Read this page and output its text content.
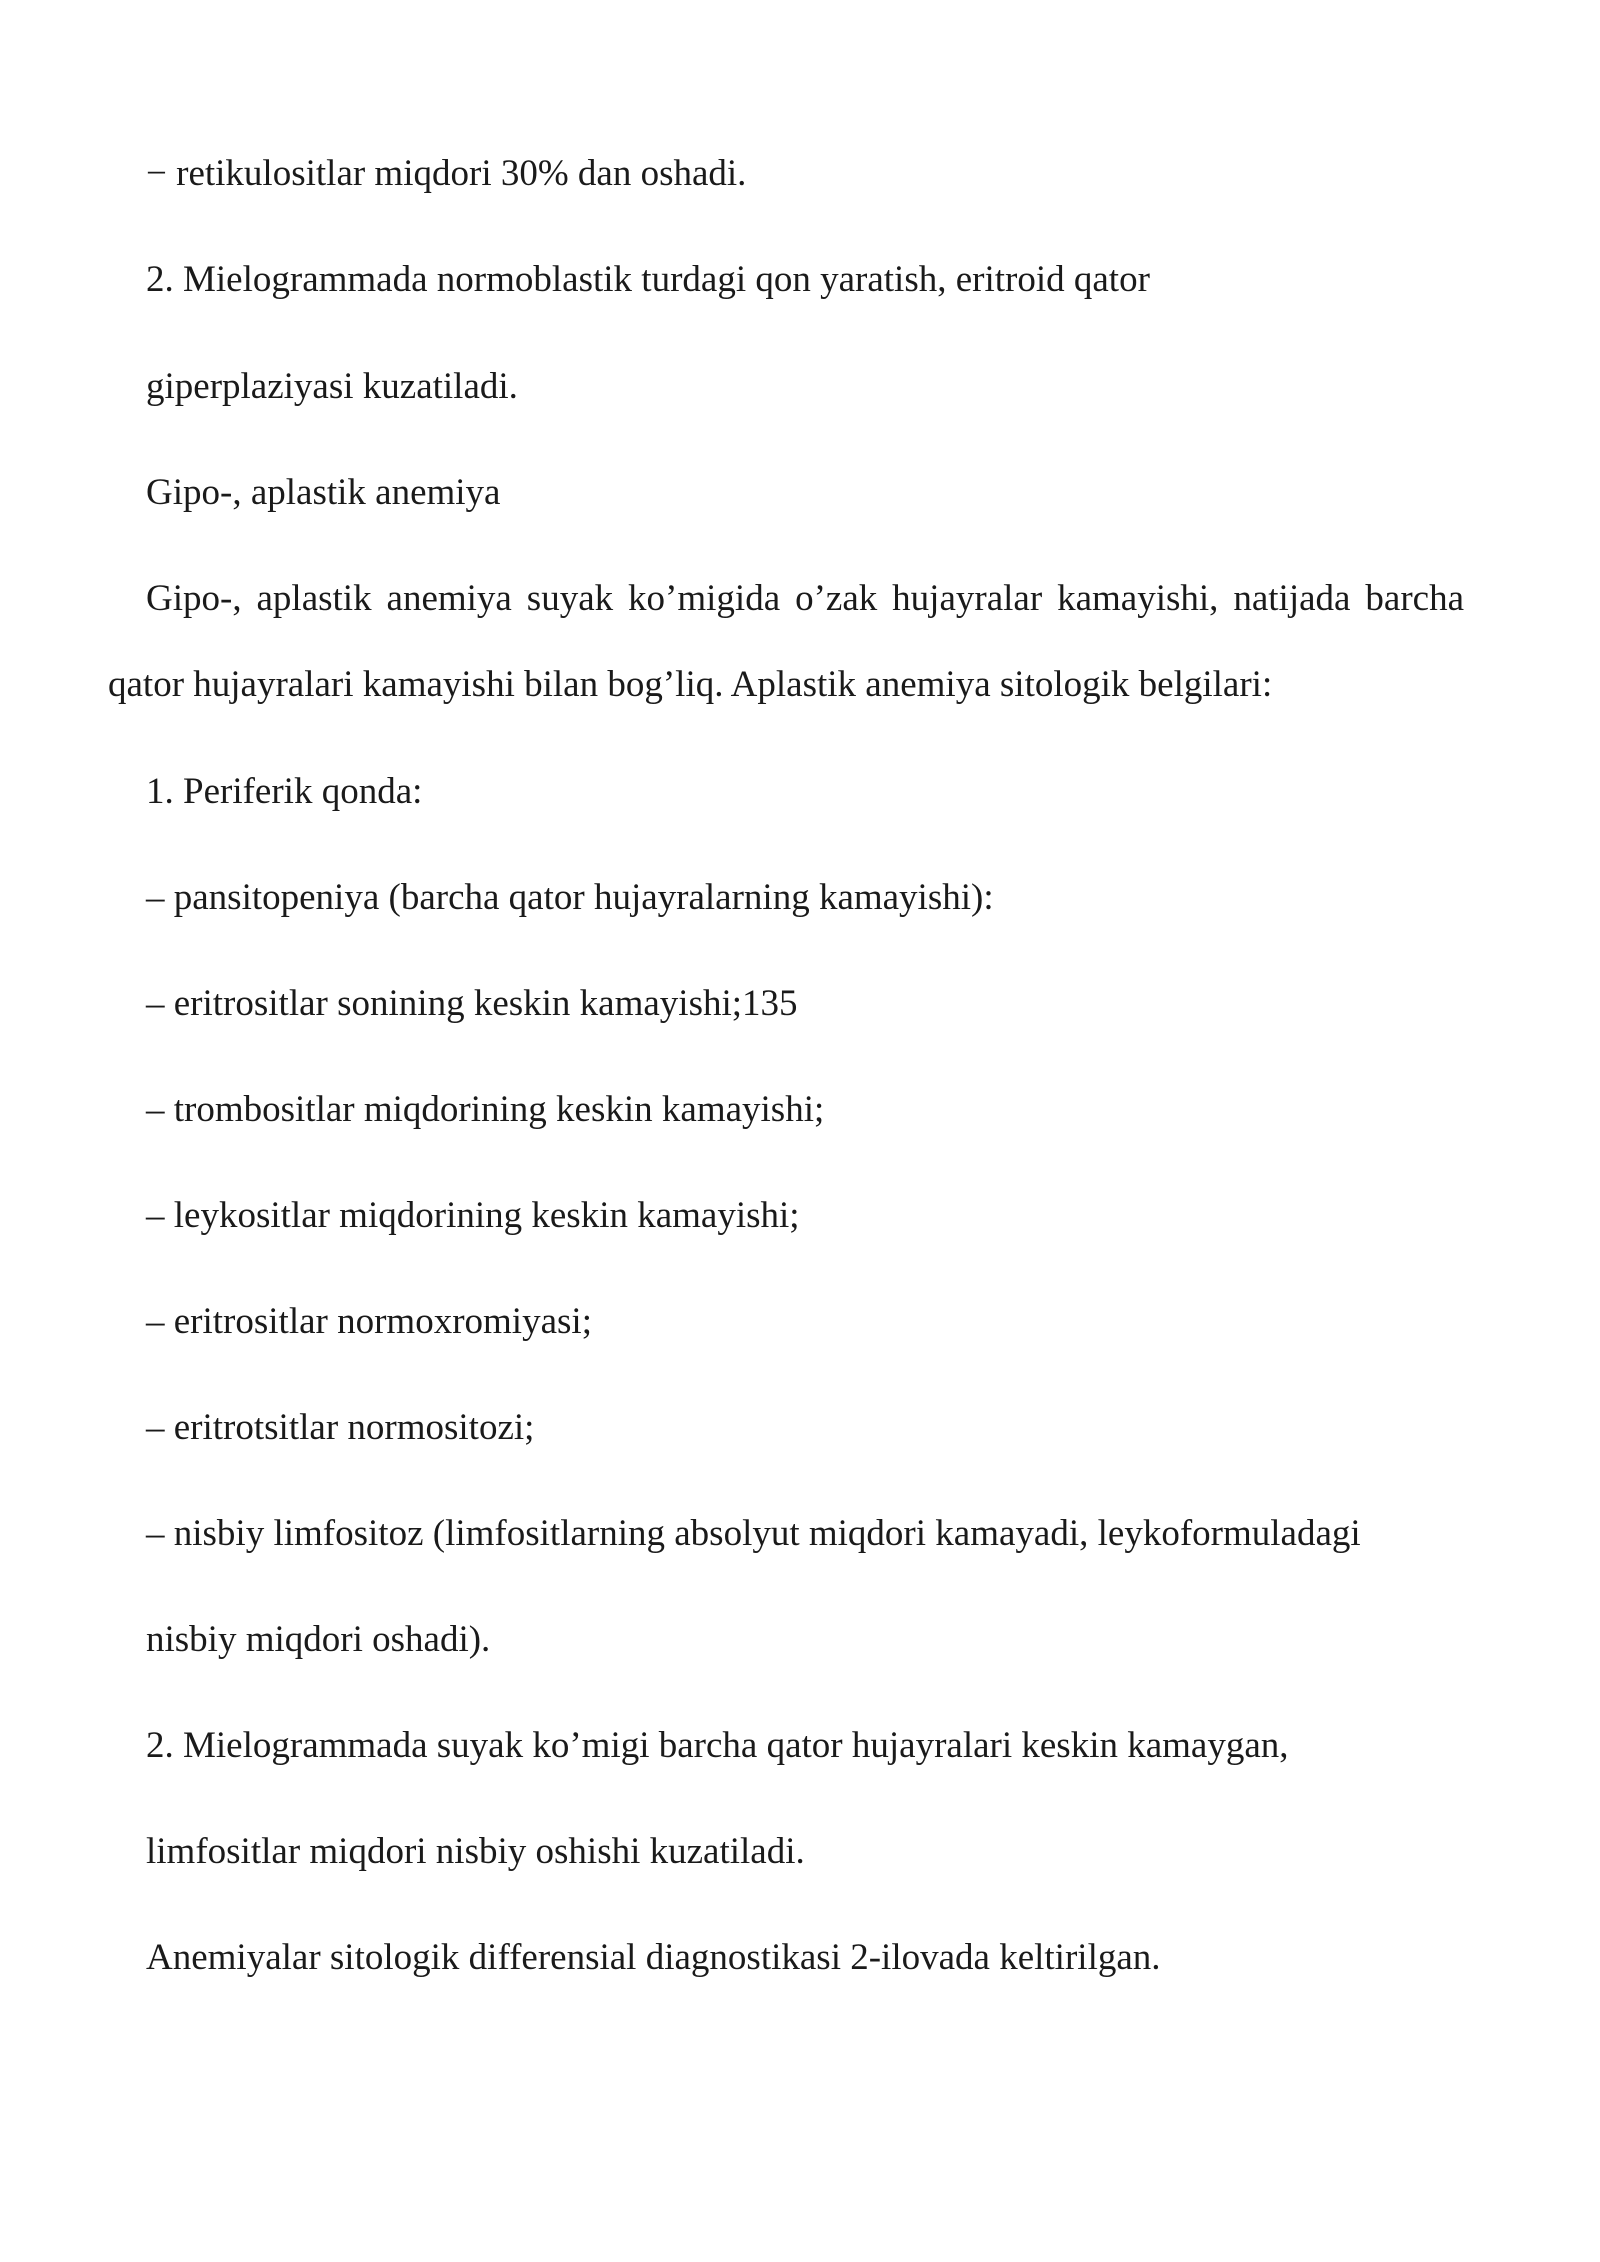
− retikulositlar miqdori 30% dan oshadi.
2. Mielogrammada normoblastik turdagi qon yaratish, eritroid qator
giperplaziyasi kuzatiladi.
Gipo-, aplastik anemiya
Gipo-, aplastik anemiya suyak ko’migida o’zak hujayralar kamayishi, natijada barcha qator hujayralari kamayishi bilan bog’liq. Aplastik anemiya sitologik belgilari:
1. Periferik qonda:
– pansitopeniya (barcha qator hujayralarning kamayishi):
– eritrositlar sonining keskin kamayishi;135
– trombositlar miqdorining keskin kamayishi;
– leykositlar miqdorining keskin kamayishi;
– eritrositlar normoxromiyasi;
– eritrotsitlar normositozi;
– nisbiy limfositoz (limfositlarning absolyut miqdori kamayadi, leykoformuladagi
nisbiy miqdori oshadi).
2. Mielogrammada suyak ko’migi barcha qator hujayralari keskin kamaygan,
limfositlar miqdori nisbiy oshishi kuzatiladi.
Anemiyalar sitologik differensial diagnostikasi 2-ilovada keltirilgan.
